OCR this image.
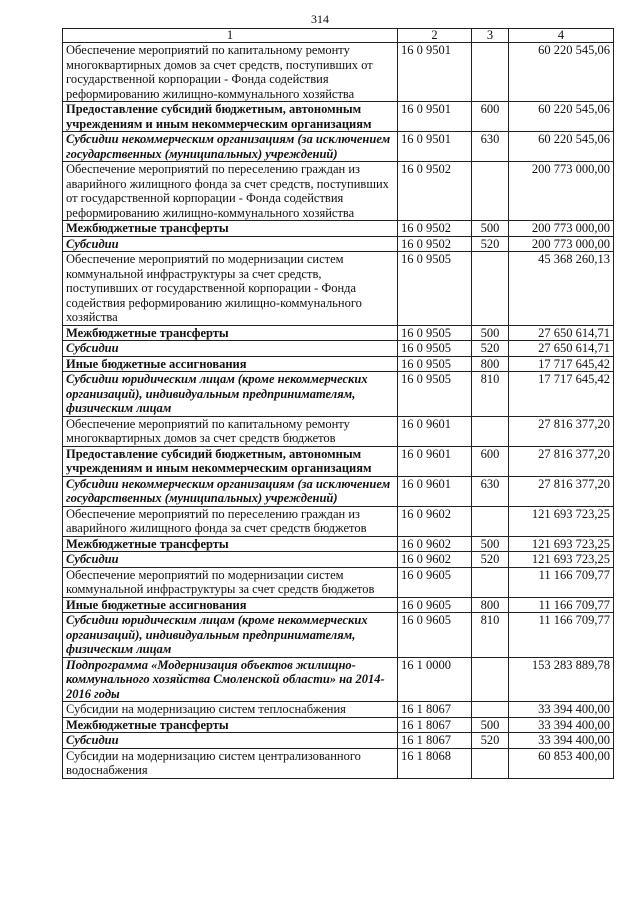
314
1	2	3	4
Обеспечение мероприятий по капитальному ремонту многоквартирных домов за счет средств, поступивших от государственной корпорации - Фонда содействия реформированию жилищно-коммунального хозяйства	16 0 9501		60 220 545,06
Предоставление субсидий бюджетным, автономным учреждениям и иным некоммерческим организациям	16 0 9501	600	60 220 545,06
Субсидии некоммерческим организациям (за исключением государственных (муниципальных) учреждений)	16 0 9501	630	60 220 545,06
Обеспечение мероприятий по переселению граждан из аварийного жилищного фонда за счет средств, поступивших от государственной корпорации - Фонда содействия реформированию жилищно-коммунального хозяйства	16 0 9502		200 773 000,00
Межбюджетные трансферты	16 0 9502	500	200 773 000,00
Субсидии	16 0 9502	520	200 773 000,00
Обеспечение мероприятий по модернизации систем коммунальной инфраструктуры за счет средств, поступивших от государственной корпорации - Фонда содействия реформированию жилищно-коммунального хозяйства	16 0 9505		45 368 260,13
Межбюджетные трансферты	16 0 9505	500	27 650 614,71
Субсидии	16 0 9505	520	27 650 614,71
Иные бюджетные ассигнования	16 0 9505	800	17 717 645,42
Субсидии юридическим лицам (кроме некоммерческих организаций), индивидуальным предпринимателям, физическим лицам	16 0 9505	810	17 717 645,42
Обеспечение мероприятий по капитальному ремонту многоквартирных домов за счет средств бюджетов	16 0 9601		27 816 377,20
Предоставление субсидий бюджетным, автономным учреждениям и иным некоммерческим организациям	16 0 9601	600	27 816 377,20
Субсидии некоммерческим организациям (за исключением государственных (муниципальных) учреждений)	16 0 9601	630	27 816 377,20
Обеспечение мероприятий по переселению граждан из аварийного жилищного фонда за счет средств бюджетов	16 0 9602		121 693 723,25
Межбюджетные трансферты	16 0 9602	500	121 693 723,25
Субсидии	16 0 9602	520	121 693 723,25
Обеспечение мероприятий по модернизации систем коммунальной инфраструктуры за счет средств бюджетов	16 0 9605		11 166 709,77
Иные бюджетные ассигнования	16 0 9605	800	11 166 709,77
Субсидии юридическим лицам (кроме некоммерческих организаций), индивидуальным предпринимателям, физическим лицам	16 0 9605	810	11 166 709,77
Подпрограмма «Модернизация объектов жилищно-коммунального хозяйства Смоленской области» на 2014-2016 годы	16 1 0000		153 283 889,78
Субсидии на модернизацию систем теплоснабжения	16 1 8067		33 394 400,00
Межбюджетные трансферты	16 1 8067	500	33 394 400,00
Субсидии	16 1 8067	520	33 394 400,00
Субсидии на модернизацию систем централизованного водоснабжения	16 1 8068		60 853 400,00
